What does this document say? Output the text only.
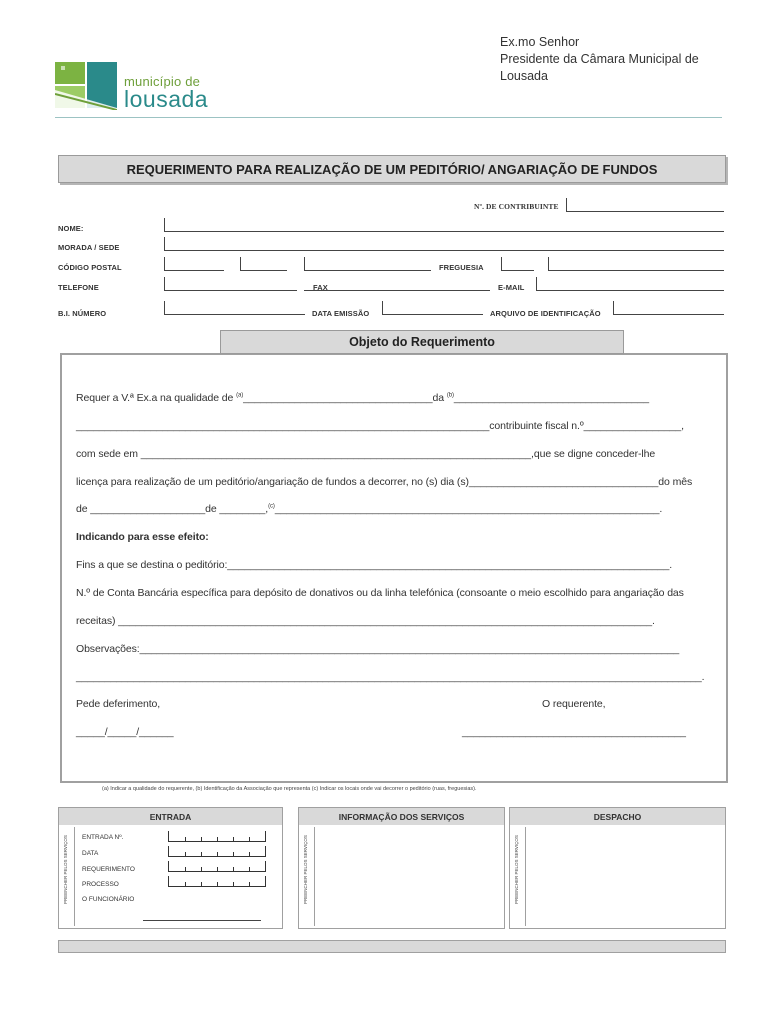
Ex.mo Senhor
Presidente da Câmara Municipal de
Lousada
município de
lousada
REQUERIMENTO PARA REALIZAÇÃO DE UM PEDITÓRIO/ ANGARIAÇÃO DE FUNDOS
Nº. DE CONTRIBUINTE
NOME:
MORADA / SEDE
CÓDIGO POSTAL	FREGUESIA
TELEFONE	FAX	E-MAIL
B.I. NÚMERO	DATA EMISSÃO	ARQUIVO DE IDENTIFICAÇÃO
Objeto do Requerimento
Requer a V.ª Ex.a na qualidade de $^{(a)}$_________________________________da $^{(b)}$__________________________________
________________________________________________________________________contribuinte fiscal n.º_________________,
com sede em ____________________________________________________________________,que se digne conceder-lhe
licença para realização de um peditório/angariação de fundos a decorrer, no (s) dia (s)_________________________________do mês
de ____________________de ________,$^{(c)}$___________________________________________________________________.
Indicando para esse efeito:
Fins a que se destina o peditório:_____________________________________________________________________________.
N.º de Conta Bancária específica para depósito de donativos ou da linha telefónica (consoante o meio escolhido para angariação das
receitas) _____________________________________________________________________________________________.
Observações:______________________________________________________________________________________________
_____________________________________________________________________________________________________________.
Pede deferimento,	O requerente,
_____/_____/______	_______________________________________
(a) Indicar a qualidade do requerente, (b) Identificação da Associação que representa (c) Indicar os locais onde vai decorrer o peditório (ruas, freguesias).
ENTRADA	INFORMAÇÃO DOS SERVIÇOS	DESPACHO
PREENCHER PELOS SERVIÇOS	PREENCHER PELOS SERVIÇOS	PREENCHER PELOS SERVIÇOS
ENTRADA Nº.
DATA
REQUERIMENTO
PROCESSO
O FUNCIONÁRIO
